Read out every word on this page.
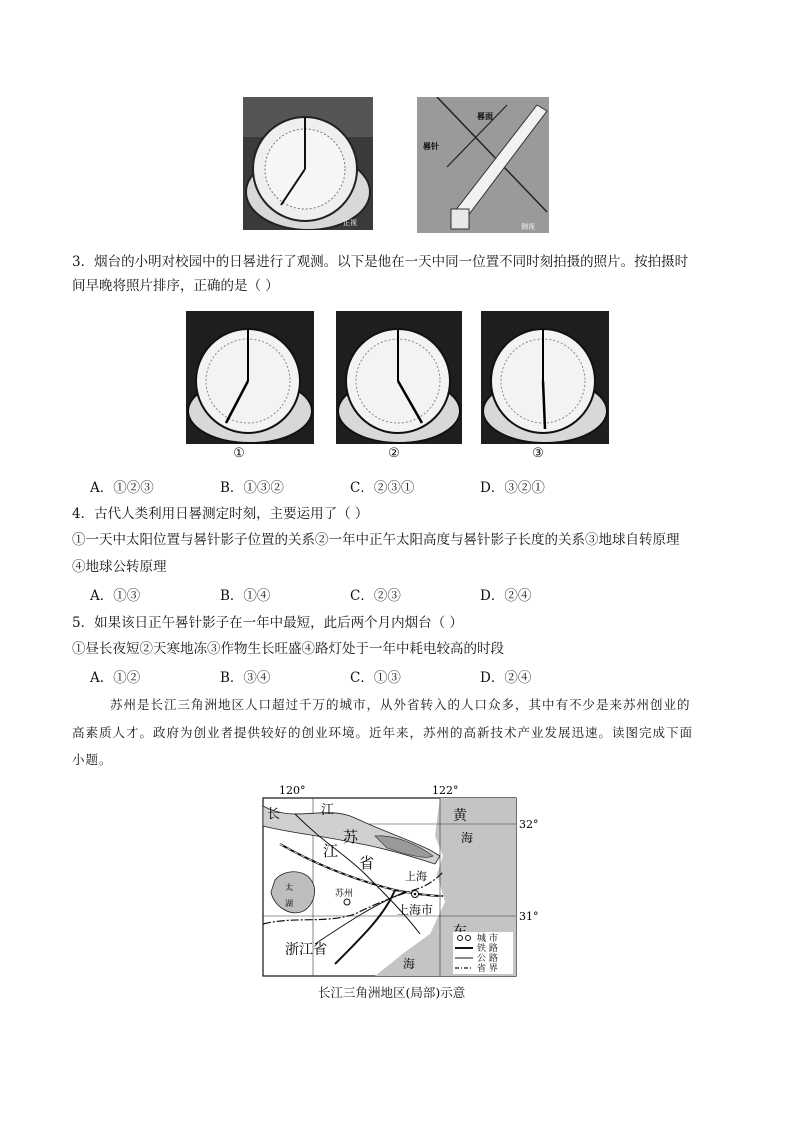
正视
晷面
晷针
侧视
3．烟台的小明对校园中的日晷进行了观测。以下是他在一天中同一位置不同时刻拍摄的照片。按拍摄时
间早晚将照片排序，正确的是（ ）
①	②	③
A．①②③	B．①③②	C．②③①	D．③②①
4．古代人类利用日晷测定时刻，主要运用了（ ）
①一天中太阳位置与晷针影子位置的关系②一年中正午太阳高度与晷针影子长度的关系③地球自转原理
④地球公转原理
A．①③	B．①④	C．②③	D．②④
5．如果该日正午晷针影子在一年中最短，此后两个月内烟台（ ）
①昼长夜短②天寒地冻③作物生长旺盛④路灯处于一年中耗电较高的时段
A．①②	B．③④	C．①③	D．②④
苏州是长江三角洲地区人口超过千万的城市，从外省转入的人口众多，其中有不少是来苏州创业的
高素质人才。政府为创业者提供较好的创业环境。近年来，苏州的高新技术产业发展迅速。读图完成下面
小题。
120°	122°
32°
31°
长	江
江
苏
省
黄
海
海
太
湖
苏州
上海
上海市
浙江省
城 市
铁 路
公 路
省 界
长江三角洲地区(局部)示意
